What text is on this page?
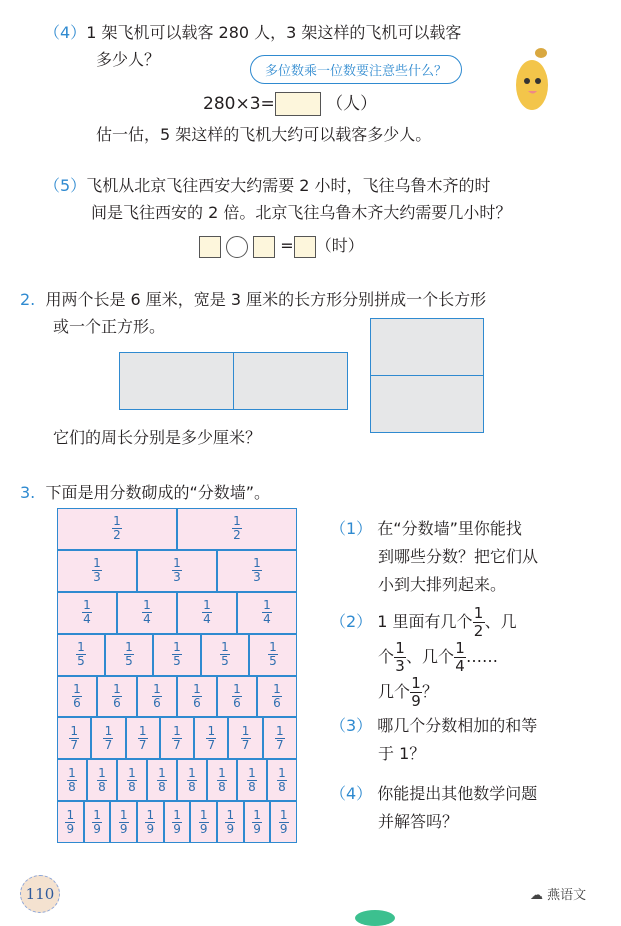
（4）1 架飞机可以载客 280 人，3 架这样的飞机可以载客
多少人？
多位数乘一位数要注意些什么？
280×3=	（人）
估一估，5 架这样的飞机大约可以载客多少人。
（5）飞机从北京飞往西安大约需要 2 小时，飞往乌鲁木齐的时
间是飞往西安的 2 倍。北京飞往乌鲁木齐大约需要几小时？
= （时）
2. 用两个长是 6 厘米，宽是 3 厘米的长方形分别拼成一个长方形
或一个正方形。
它们的周长分别是多少厘米？
3. 下面是用分数砌成的“分数墙”。
1
2
1
2
1
3
1
3
1
3
1
4
1
4
1
4
1
4
1
5
1
5
1
5
1
5
1
5
1
6
1
6
1
6
1
6
1
6
1
6
1
7
1
7
1
7
1
7
1
7
1
7
1
7
1
8
1
8
1
8
1
8
1
8
1
8
1
8
1
8
1
9
1
9
1
9
1
9
1
9
1
9
1
9
1
9
1
9
（1） 在“分数墙”里你能找
到哪些分数？把它们从
小到大排列起来。
（2） 1 里面有几个 $\frac{1}{2}$ 、几
个 $\frac{1}{3}$ 、几个 $\frac{1}{4}$ ……
几个 $\frac{1}{9}$ ？
（3） 哪几个分数相加的和等
于 1？
（4） 你能提出其他数学问题
并解答吗？
110	☁ 燕语文
